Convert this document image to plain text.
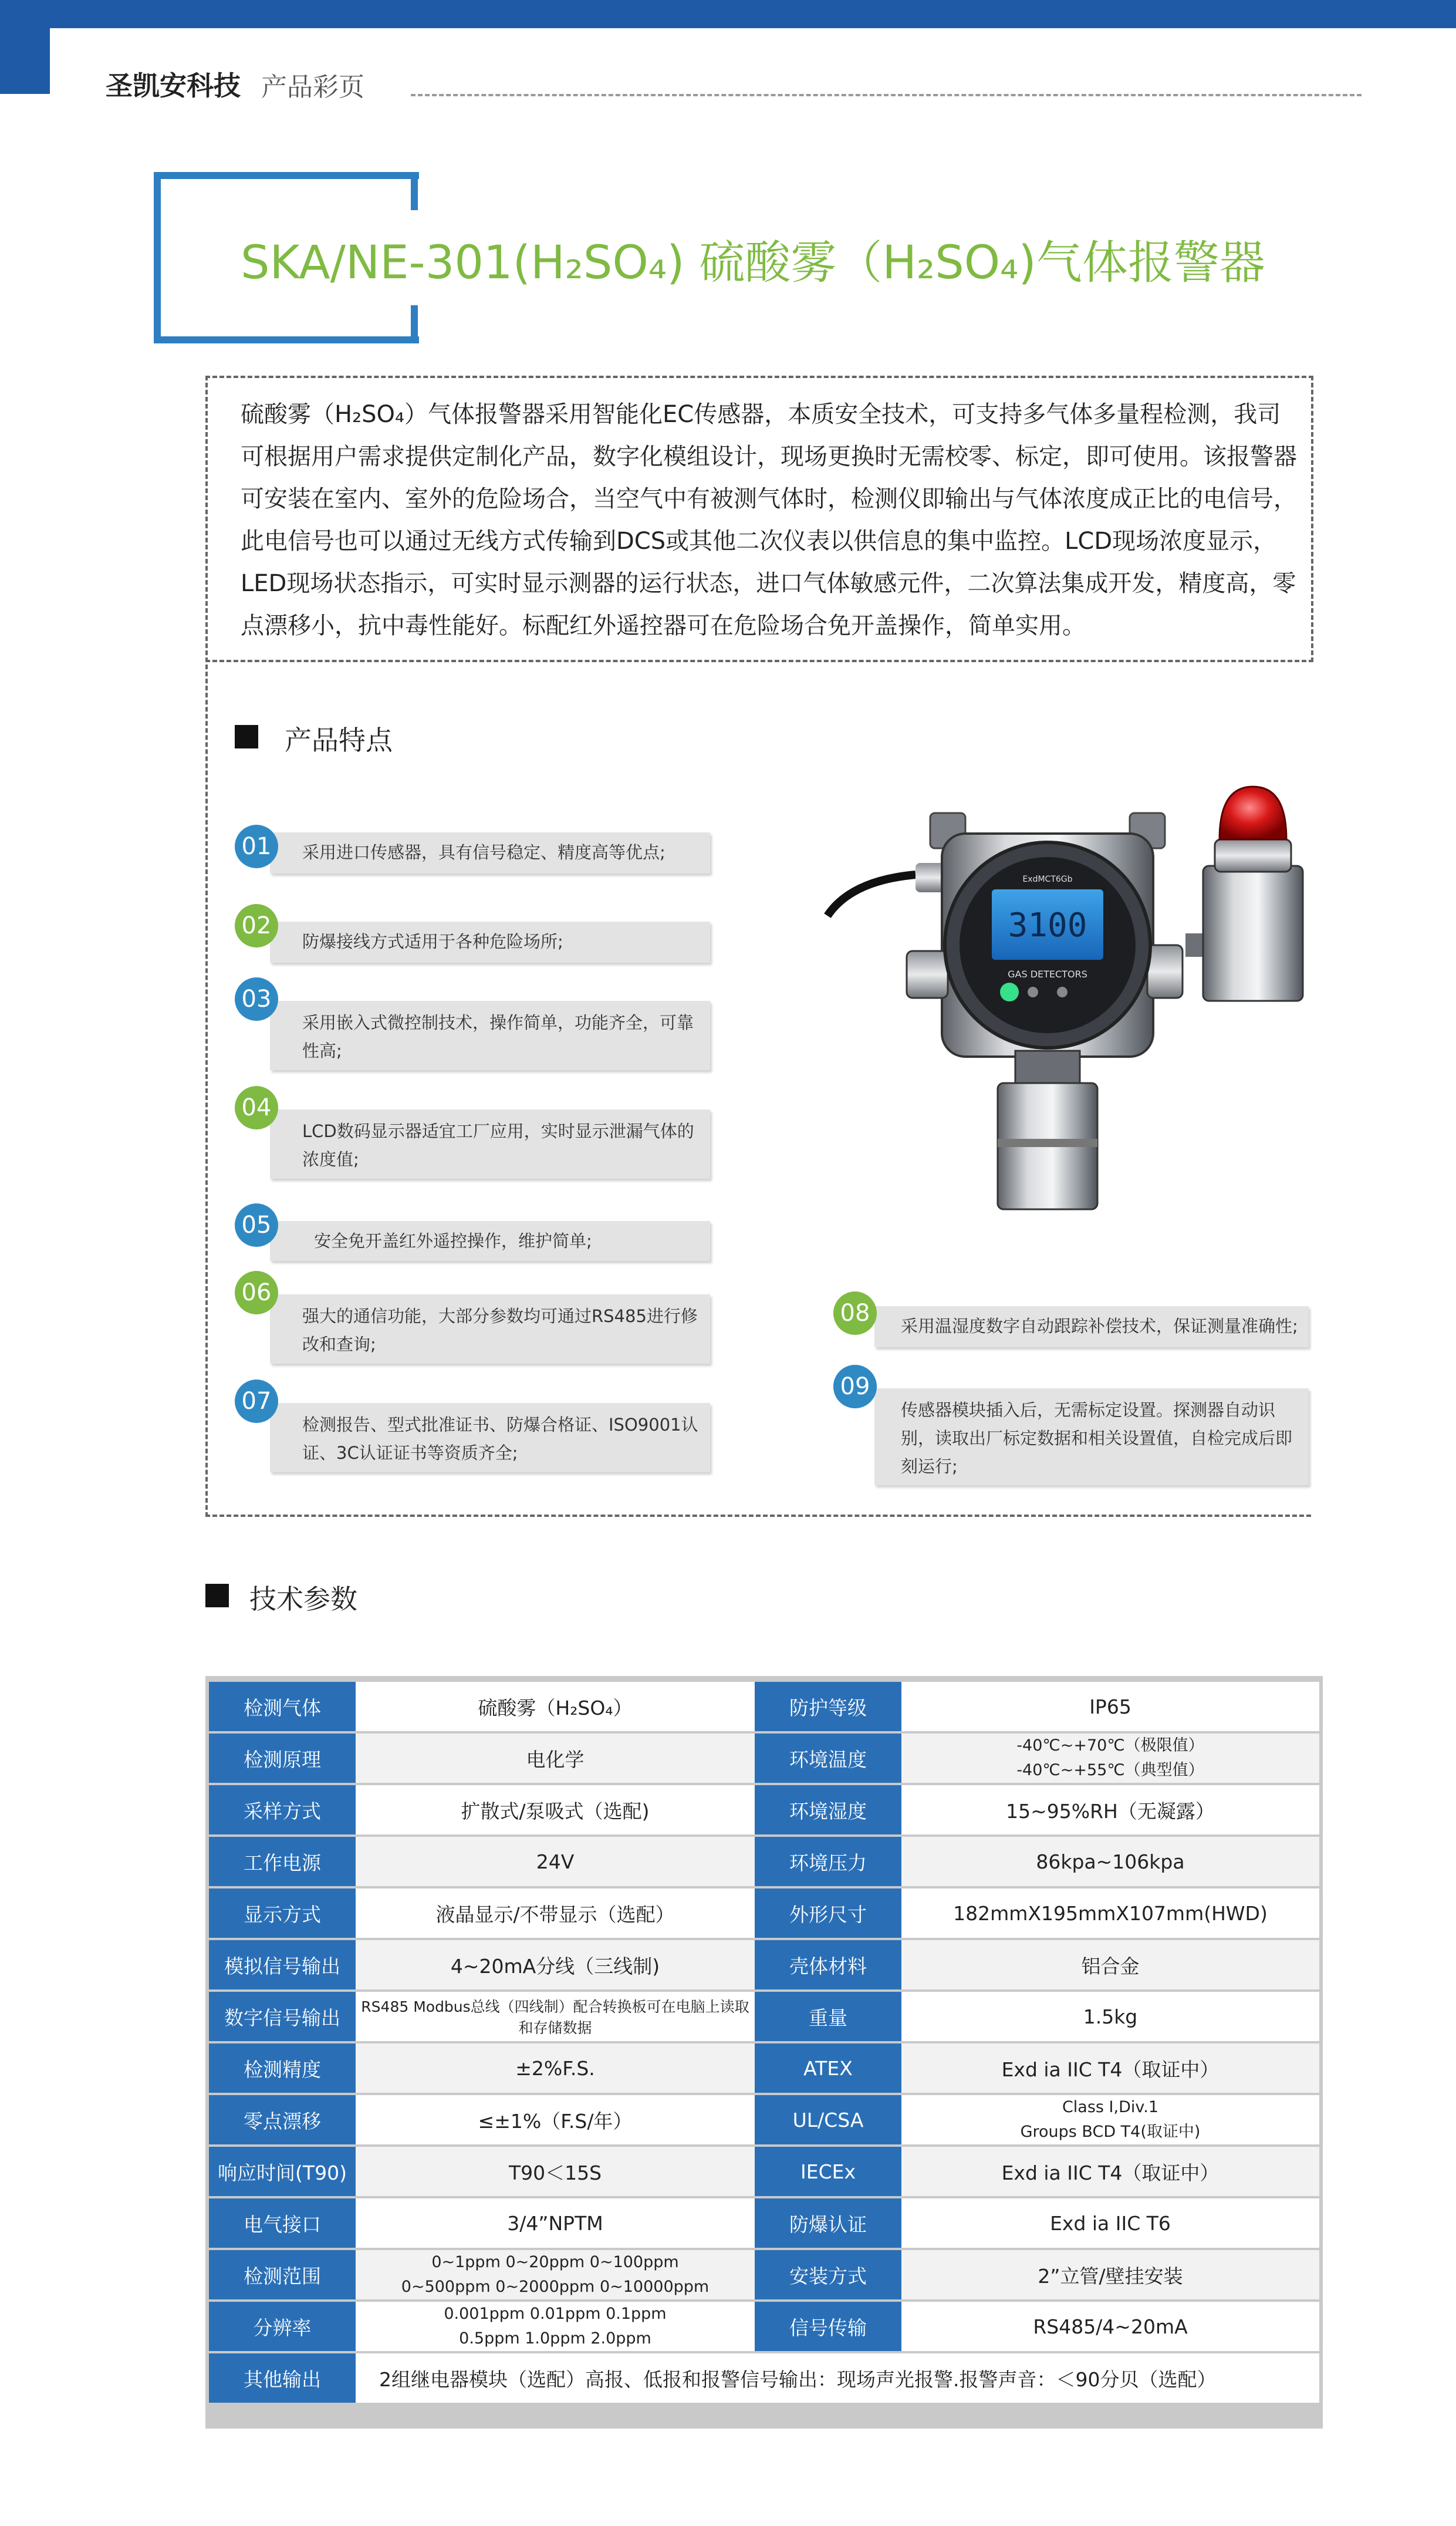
圣凯安科技 产品彩页
SKA/NE-301(H₂SO₄) 硫酸雾（H₂SO₄)气体报警器
硫酸雾（H₂SO₄）气体报警器采用智能化EC传感器，本质安全技术，可支持多气体多量程检测，我司可根据用户需求提供定制化产品，数字化模组设计，现场更换时无需校零、标定，即可使用。该报警器可安装在室内、室外的危险场合，当空气中有被测气体时，检测仪即输出与气体浓度成正比的电信号，此电信号也可以通过无线方式传输到DCS或其他二次仪表以供信息的集中监控。LCD现场浓度显示，LED现场状态指示，可实时显示测器的运行状态，进口气体敏感元件，二次算法集成开发，精度高，零点漂移小，抗中毒性能好。标配红外遥控器可在危险场合免开盖操作，简单实用。
产品特点
采用进口传感器，具有信号稳定、精度高等优点;
01
防爆接线方式适用于各种危险场所;
02
采用嵌入式微控制技术，操作简单，功能齐全，可靠性高;
03
LCD数码显示器适宜工厂应用，实时显示泄漏气体的浓度值;
04
安全免开盖红外遥控操作，维护简单;
05
强大的通信功能，大部分参数均可通过RS485进行修改和查询;
06
检测报告、型式批准证书、防爆合格证、ISO9001认证、3C认证证书等资质齐全;
07
采用温湿度数字自动跟踪补偿技术，保证测量准确性;
08
传感器模块插入后，无需标定设置。探测器自动识别，读取出厂标定数据和相关设置值，自检完成后即刻运行;
09
3100
ExdMCT6Gb
GAS DETECTORS
技术参数
检测气体	硫酸雾（H₂SO₄）	防护等级	IP65
检测原理	电化学	环境温度	-40℃~+70℃（极限值）
-40℃~+55℃（典型值）

采样方式	扩散式/泵吸式（选配)	环境湿度	15~95%RH（无凝露）
工作电源	24V	环境压力	86kpa~106kpa
显示方式	液晶显示/不带显示（选配）	外形尺寸	182mmX195mmX107mm(HWD)
模拟信号输出	4~20mA分线（三线制)	壳体材料	铝合金
数字信号输出	RS485 Modbus总线（四线制）配合转换板可在电脑上读取和存储数据	重量	1.5kg
检测精度	±2%F.S.	ATEX	Exd ia IIC T4（取证中）
零点漂移	≤±1%（F.S/年）	UL/CSA	Class I,Div.1
Groups BCD T4(取证中)

响应时间(T90)	T90＜15S	IECEx	Exd ia IIC T4（取证中）
电气接口	3/4”NPTM	防爆认证	Exd ia IIC T6
检测范围	0~1ppm 0~20ppm 0~100ppm
0~500ppm 0~2000ppm 0~10000ppm	安装方式	2”立管/壁挂安装
分辨率	0.001ppm 0.01ppm 0.1ppm
0.5ppm 1.0ppm 2.0ppm	信号传输	RS485/4~20mA
其他输出	2组继电器模块（选配）高报、低报和报警信号输出：现场声光报警.报警声音：＜90分贝（选配）		
